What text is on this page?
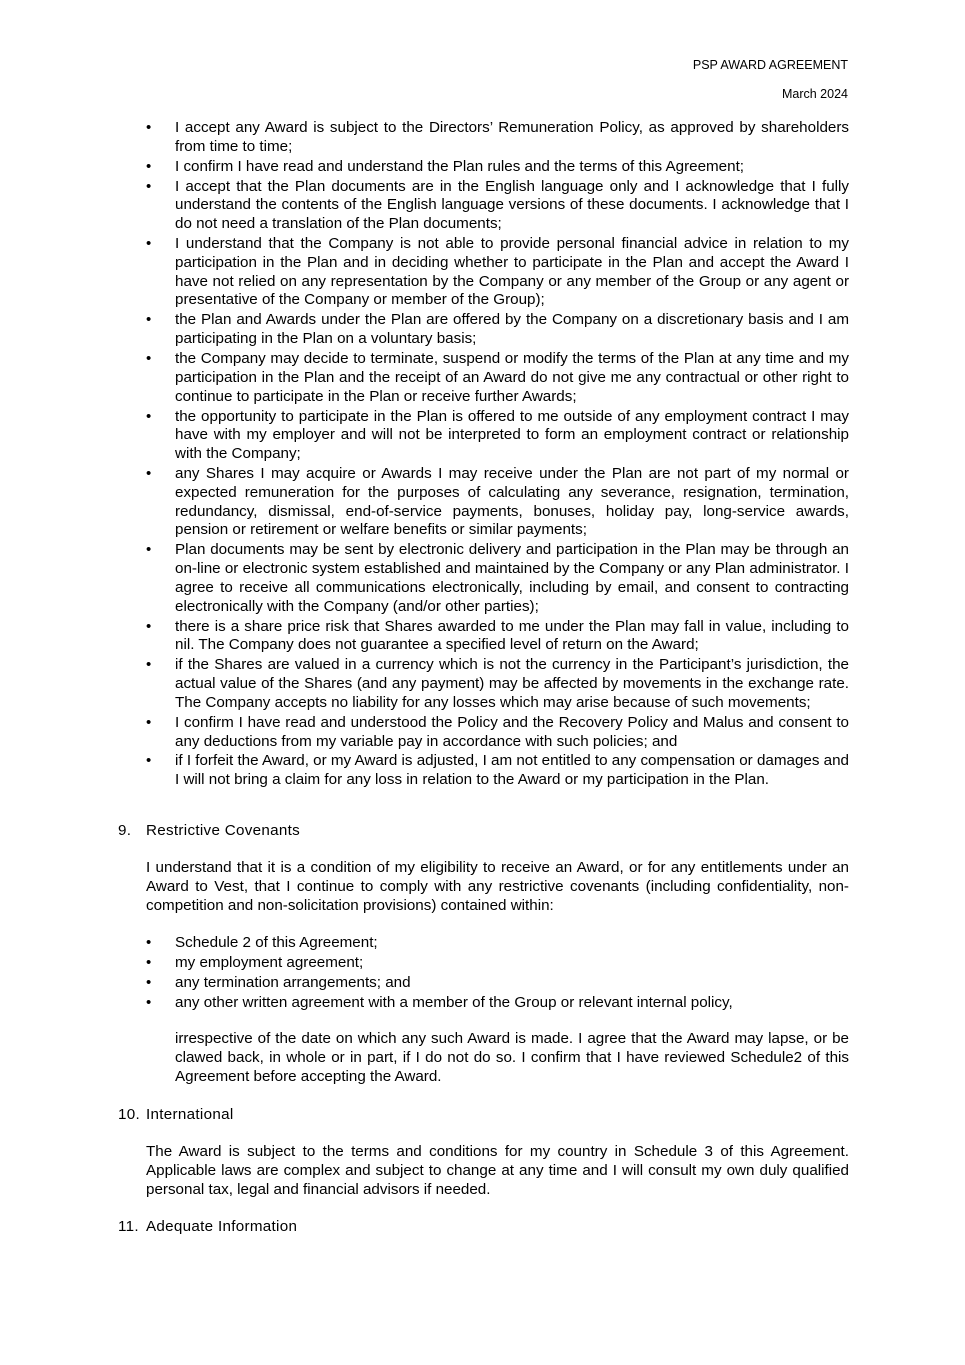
PSP AWARD AGREEMENT
March 2024
• I accept any Award is subject to the Directors’ Remuneration Policy, as approved by shareholders from time to time;
• I confirm I have read and understand the Plan rules and the terms of this Agreement;
• I accept that the Plan documents are in the English language only and I acknowledge that I fully understand the contents of the English language versions of these documents. I acknowledge that I do not need a translation of the Plan documents;
• I understand that the Company is not able to provide personal financial advice in relation to my participation in the Plan and in deciding whether to participate in the Plan and accept the Award I have not relied on any representation by the Company or any member of the Group or any agent or presentative of the Company or member of the Group);
• the Plan and Awards under the Plan are offered by the Company on a discretionary basis and I am participating in the Plan on a voluntary basis;
• the Company may decide to terminate, suspend or modify the terms of the Plan at any time and my participation in the Plan and the receipt of an Award do not give me any contractual or other right to continue to participate in the Plan or receive further Awards;
• the opportunity to participate in the Plan is offered to me outside of any employment contract I may have with my employer and will not be interpreted to form an employment contract or relationship with the Company;
• any Shares I may acquire or Awards I may receive under the Plan are not part of my normal or expected remuneration for the purposes of calculating any severance, resignation, termination, redundancy, dismissal, end-of-service payments, bonuses, holiday pay, long-service awards, pension or retirement or welfare benefits or similar payments;
• Plan documents may be sent by electronic delivery and participation in the Plan may be through an on-line or electronic system established and maintained by the Company or any Plan administrator. I agree to receive all communications electronically, including by email, and consent to contracting electronically with the Company (and/or other parties);
• there is a share price risk that Shares awarded to me under the Plan may fall in value, including to nil. The Company does not guarantee a specified level of return on the Award;
• if the Shares are valued in a currency which is not the currency in the Participant’s jurisdiction, the actual value of the Shares (and any payment) may be affected by movements in the exchange rate. The Company accepts no liability for any losses which may arise because of such movements;
• I confirm I have read and understood the Policy and the Recovery Policy and Malus and consent to any deductions from my variable pay in accordance with such policies; and
• if I forfeit the Award, or my Award is adjusted, I am not entitled to any compensation or damages and I will not bring a claim for any loss in relation to the Award or my participation in the Plan.
9. Restrictive Covenants

I understand that it is a condition of my eligibility to receive an Award, or for any entitlements under an Award to Vest, that I continue to comply with any restrictive covenants (including confidentiality, non-competition and non-solicitation provisions) contained within:

• Schedule 2 of this Agreement;
• my employment agreement;
• any termination arrangements; and
• any other written agreement with a member of the Group or relevant internal policy,

irrespective of the date on which any such Award is made. I agree that the Award may lapse, or be clawed back, in whole or in part, if I do not do so. I confirm that I have reviewed Schedule2 of this Agreement before accepting the Award.

10. International

The Award is subject to the terms and conditions for my country in Schedule 3 of this Agreement. Applicable laws are complex and subject to change at any time and I will consult my own duly qualified personal tax, legal and financial advisors if needed.

11. Adequate Information
